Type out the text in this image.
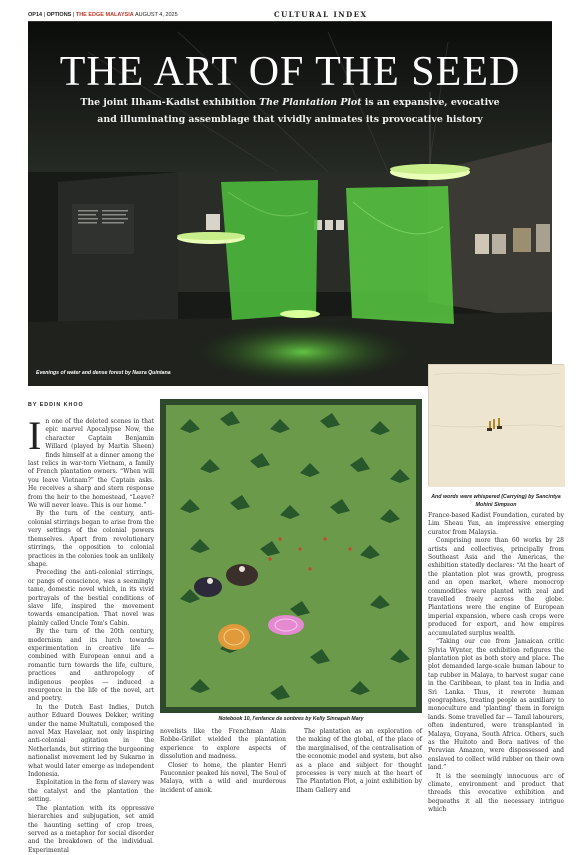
OP14 | OPTIONS | THE EDGE MALAYSIA AUGUST 4, 2025	CULTURAL INDEX
THE ART OF THE SEED

The joint Ilham-Kadist exhibition The Plantation Plot is an expansive, evocative and illuminating assemblage that vividly animates its provocative history

Evenings of water and dense forest by Nasra Quintana
And words were whispered (Carrying) by Sancintya Mohini Simpson
Notebook 10, l'enfance de sonbres by Kelly Sinnapah Mary
BY EDDIN KHOO

In one of the deleted scenes in that epic marvel Apocalypse Now, the character Captain Benjamin Willard (played by Martin Sheen) finds himself at a dinner among the last relics in war-torn Vietnam, a family of French plantation owners. “When will you leave Vietnam?” the Captain asks. He receives a sharp and stern response from the heir to the homestead, “Leave? We will never leave. This is our home.”

By the turn of the century, anti-colonial stirrings began to arise from the very settings of the colonial powers themselves. Apart from revolutionary stirrings, the opposition to colonial practices in the colonies took an unlikely shape.

Preceding the anti-colonial stirrings, or pangs of conscience, was a seemingly tame, domestic novel which, in its vivid portrayals of the bestial conditions of slave life, inspired the movement towards emancipation. That novel was plainly called Uncle Tom's Cabin.

By the turn of the 20th century, modernism and its lurch towards experimentation in creative life — combined with European ennui and a romantic turn towards the life, culture, practices and anthropology of indigenous peoples — induced a resurgence in the life of the novel, art and poetry.

In the Dutch East Indies, Dutch author Eduard Douwes Dekker, writing under the name Multatuli, composed the novel Max Havelaar, not only inspiring anti-colonial agitation in the Netherlands, but stirring the burgeoning nationalist movement led by Sukarno in what would later emerge as independent Indonesia.

Exploitation in the form of slavery was the catalyst and the plantation the setting.

The plantation with its oppressive hierarchies and subjugation, set amid the haunting setting of crop trees, served as a metaphor for social disorder and the breakdown of the individual. Experimental

novelists like the Frenchman Alain Robbe-Grillet wielded the plantation experience to explore aspects of dissolution and madness.

Closer to home, the planter Henri Fauconnier peaked his novel, The Soul of Malaya, with a wild and murderous incident of amok.

The plantation as an exploration of the making of the global, of the place of the marginalised, of the centralisation of the economic model and system, but also as a place and subject for thought processes is very much at the heart of The Plantation Plot, a joint exhibition by Ilham Gallery and

France-based Kadist Foundation, curated by Lim Sheau Yun, an impressive emerging curator from Malaysia.

Comprising more than 60 works by 28 artists and collectives, principally from Southeast Asia and the Americas, the exhibition statedly declares: “At the heart of the plantation plot was growth, progress and an open market, where monocrop commodities were planted with zeal and travelled freely across the globe. Plantations were the engine of European imperial expansion, where cash crops were produced for export, and how empires accumulated surplus wealth.

“Taking our cue from Jamaican critic Sylvia Wynter, the exhibition refigures the plantation plot as both story and place. The plot demanded large-scale human labour to tap rubber in Malaya, to harvest sugar cane in the Caribbean, to plant tea in India and Sri Lanka. Thus, it rewrote human geographies, treating people as auxiliary to monoculture and ‘planting’ them in foreign lands. Some travelled far — Tamil labourers, often indentured, were transplanted in Malaya, Guyana, South Africa. Others, such as the Huitoto and Bora natives of the Peruvian Amazon, were dispossessed and enslaved to collect wild rubber on their own land.”

It is the seemingly innocuous arc of climate, environment and product that threads this evocative exhibition and bequeaths it all the necessary intrigue which
